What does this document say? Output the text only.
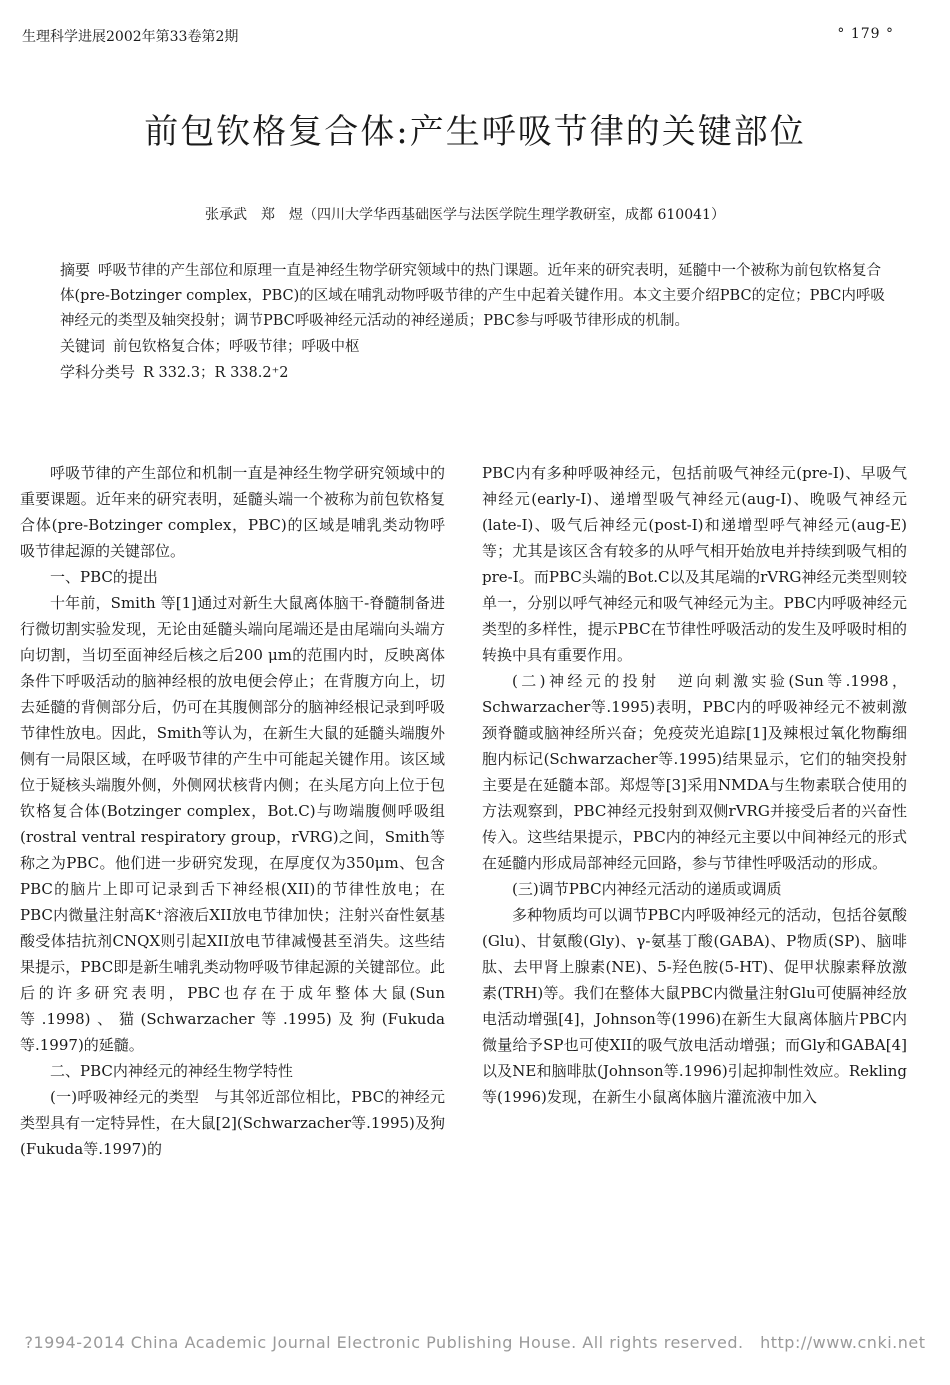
生理科学进展2002年第33卷第2期	° 179 °
前包钦格复合体:产生呼吸节律的关键部位
张承武　郑　煜（四川大学华西基础医学与法医学院生理学教研室，成都 610041）

摘要 呼吸节律的产生部位和原理一直是神经生物学研究领域中的热门课题。近年来的研究表明，延髓中一个被称为前包钦格复合体(pre-Botzinger complex，PBC)的区域在哺乳动物呼吸节律的产生中起着关键作用。本文主要介绍PBC的定位；PBC内呼吸神经元的类型及轴突投射；调节PBC呼吸神经元活动的神经递质；PBC参与呼吸节律形成的机制。

关键词 前包钦格复合体；呼吸节律；呼吸中枢

学科分类号 R 332.3；R 338.2⁺2

呼吸节律的产生部位和机制一直是神经生物学研究领域中的重要课题。近年来的研究表明，延髓头端一个被称为前包钦格复合体(pre-Botzinger complex，PBC)的区域是哺乳类动物呼吸节律起源的关键部位。

一、PBC的提出

十年前，Smith 等[1]通过对新生大鼠离体脑干-脊髓制备进行微切割实验发现，无论由延髓头端向尾端还是由尾端向头端方向切割，当切至面神经后核之后200 μm的范围内时，反映离体条件下呼吸活动的脑神经根的放电便会停止；在背腹方向上，切去延髓的背侧部分后，仍可在其腹侧部分的脑神经根记录到呼吸节律性放电。因此，Smith等认为，在新生大鼠的延髓头端腹外侧有一局限区域，在呼吸节律的产生中可能起关键作用。该区域位于疑核头端腹外侧，外侧网状核背内侧；在头尾方向上位于包钦格复合体(Botzinger complex，Bot.C)与吻端腹侧呼吸组(rostral ventral respiratory group，rVRG)之间，Smith等称之为PBC。他们进一步研究发现，在厚度仅为350μm、包含PBC的脑片上即可记录到舌下神经根(XII)的节律性放电；在PBC内微量注射高K⁺溶液后XII放电节律加快；注射兴奋性氨基酸受体拮抗剂CNQX则引起XII放电节律减慢甚至消失。这些结果提示，PBC即是新生哺乳类动物呼吸节律起源的关键部位。此后的许多研究表明，PBC也存在于成年整体大鼠(Sun等.1998)、猫(Schwarzacher等.1995)及狗(Fukuda等.1997)的延髓。

二、PBC内神经元的神经生物学特性

(一)呼吸神经元的类型　与其邻近部位相比，PBC的神经元类型具有一定特异性，在大鼠[2](Schwarzacher等.1995)及狗(Fukuda等.1997)的

PBC内有多种呼吸神经元，包括前吸气神经元(pre-I)、早吸气神经元(early-I)、递增型吸气神经元(aug-I)、晚吸气神经元(late-I)、吸气后神经元(post-I)和递增型呼气神经元(aug-E)等；尤其是该区含有较多的从呼气相开始放电并持续到吸气相的pre-I。而PBC头端的Bot.C以及其尾端的rVRG神经元类型则较单一，分别以呼气神经元和吸气神经元为主。PBC内呼吸神经元类型的多样性，提示PBC在节律性呼吸活动的发生及呼吸时相的转换中具有重要作用。

(二)神经元的投射　逆向刺激实验(Sun等.1998，Schwarzacher等.1995)表明，PBC内的呼吸神经元不被刺激颈脊髓或脑神经所兴奋；免疫荧光追踪[1]及辣根过氧化物酶细胞内标记(Schwarzacher等.1995)结果显示，它们的轴突投射主要是在延髓本部。郑煜等[3]采用NMDA与生物素联合使用的方法观察到，PBC神经元投射到双侧rVRG并接受后者的兴奋性传入。这些结果提示，PBC内的神经元主要以中间神经元的形式在延髓内形成局部神经元回路，参与节律性呼吸活动的形成。

(三)调节PBC内神经元活动的递质或调质

多种物质均可以调节PBC内呼吸神经元的活动，包括谷氨酸(Glu)、甘氨酸(Gly)、γ-氨基丁酸(GABA)、P物质(SP)、脑啡肽、去甲肾上腺素(NE)、5-羟色胺(5-HT)、促甲状腺素释放激素(TRH)等。我们在整体大鼠PBC内微量注射Glu可使膈神经放电活动增强[4]，Johnson等(1996)在新生大鼠离体脑片PBC内微量给予SP也可使XII的吸气放电活动增强；而Gly和GABA[4]以及NE和脑啡肽(Johnson等.1996)引起抑制性效应。Rekling等(1996)发现，在新生小鼠离体脑片灌流液中加入

?1994-2014 China Academic Journal Electronic Publishing House. All rights reserved.　http://www.cnki.net
